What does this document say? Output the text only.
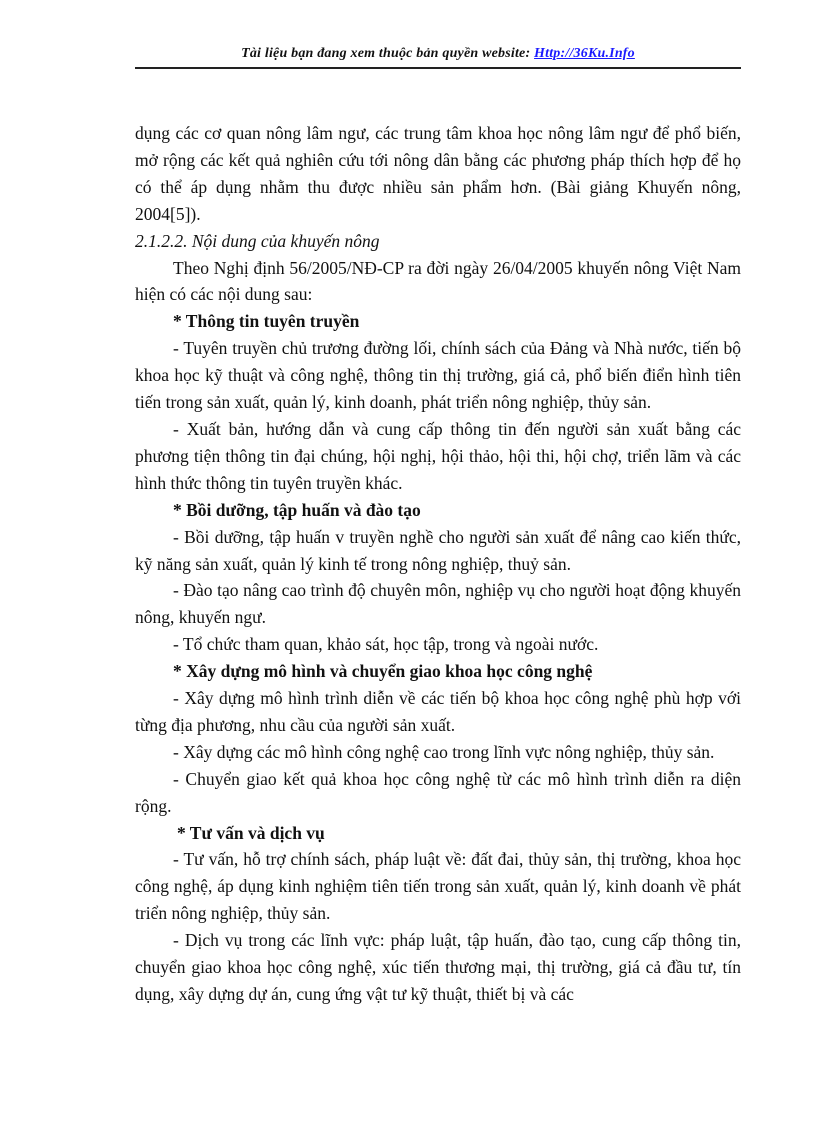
Tài liệu bạn đang xem thuộc bản quyền website: Http://36Ku.Info

dụng các cơ quan nông lâm ngư, các trung tâm khoa học nông lâm ngư để phổ biến, mở rộng các kết quả nghiên cứu tới nông dân bằng các phương pháp thích hợp để họ có thể áp dụng nhằm thu được nhiều sản phẩm hơn. (Bài giảng Khuyến nông, 2004[5]).

2.1.2.2. Nội dung của khuyến nông

Theo Nghị định 56/2005/NĐ-CP ra đời ngày 26/04/2005 khuyến nông Việt Nam hiện có các nội dung sau:

* Thông tin tuyên truyền

- Tuyên truyền chủ trương đường lối, chính sách của Đảng và Nhà nước, tiến bộ khoa học kỹ thuật và công nghệ, thông tin thị trường, giá cả, phổ biến điển hình tiên tiến trong sản xuất, quản lý, kinh doanh, phát triển nông nghiệp, thủy sản.

- Xuất bản, hướng dẫn và cung cấp thông tin đến người sản xuất bằng các phương tiện thông tin đại chúng, hội nghị, hội thảo, hội thi, hội chợ, triển lãm và các hình thức thông tin tuyên truyền khác.

* Bồi dưỡng, tập huấn và đào tạo

- Bồi dưỡng, tập huấn v truyền nghề cho người sản xuất để nâng cao kiến thức, kỹ năng sản xuất, quản lý kinh tế trong nông nghiệp, thuỷ sản.

- Đào tạo nâng cao trình độ chuyên môn, nghiệp vụ cho người hoạt động khuyến nông, khuyến ngư.

- Tổ chức tham quan, khảo sát, học tập, trong và ngoài nước.

* Xây dựng mô hình và chuyển giao khoa học công nghệ

- Xây dựng mô hình trình diễn về các tiến bộ khoa học công nghệ phù hợp với từng địa phương, nhu cầu của người sản xuất.

- Xây dựng các mô hình công nghệ cao trong lĩnh vực nông nghiệp, thủy sản.

- Chuyển giao kết quả khoa học công nghệ từ các mô hình trình diễn ra diện rộng.

* Tư vấn và dịch vụ

- Tư vấn, hỗ trợ chính sách, pháp luật về: đất đai, thủy sản, thị trường, khoa học công nghệ, áp dụng kinh nghiệm tiên tiến trong sản xuất, quản lý, kinh doanh về phát triển nông nghiệp, thủy sản.

- Dịch vụ trong các lĩnh vực: pháp luật, tập huấn, đào tạo, cung cấp thông tin, chuyển giao khoa học công nghệ, xúc tiến thương mại, thị trường, giá cả đầu tư, tín dụng, xây dựng dự án, cung ứng vật tư kỹ thuật, thiết bị và các
